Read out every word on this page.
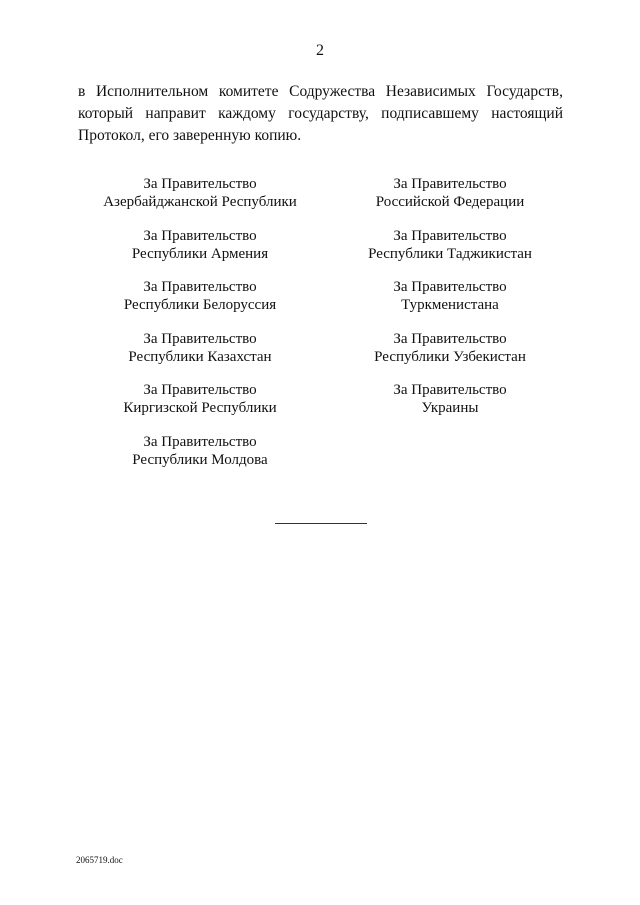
2
в Исполнительном комитете Содружества Независимых Государств,
который направит каждому государству, подписавшему настоящий
Протокол, его заверенную копию.
За Правительство
Азербайджанской Республики
За Правительство
Республики Армения
За Правительство
Республики Белоруссия
За Правительство
Республики Казахстан
За Правительство
Киргизской Республики
За Правительство
Республики Молдова
За Правительство
Российской Федерации
За Правительство
Республики Таджикистан
За Правительство
Туркменистана
За Правительство
Республики Узбекистан
За Правительство
Украины
2065719.doc
